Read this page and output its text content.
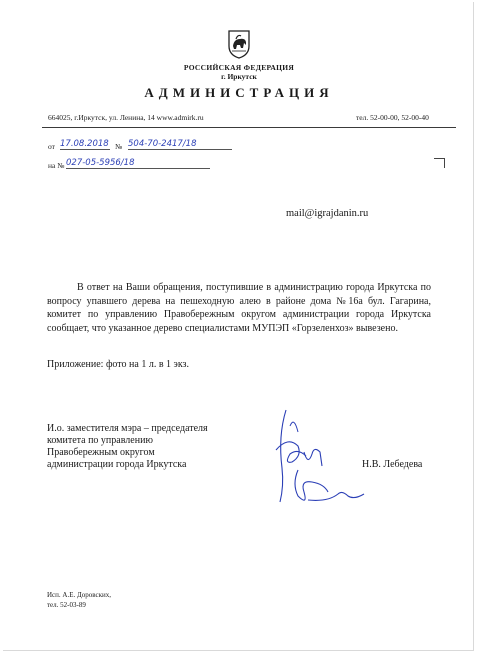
РОССИЙСКАЯ ФЕДЕРАЦИЯ
г. Иркутск
АДМИНИСТРАЦИЯ
664025, г.Иркутск, ул. Ленина, 14 www.admirk.ru	тел. 52-00-00, 52-00-40
от 17.08.2018 № 504-70-2417/18
на № 027-05-5956/18
mail@igrajdanin.ru

В ответ на Ваши обращения, поступившие в администрацию города Иркутска по вопросу упавшего дерева на пешеходную алею в районе дома №16а бул. Гагарина, комитет по управлению Правобережным округом администрации города Иркутска сообщает, что указанное дерево специалистами МУПЭП «Горзеленхоз» вывезено.

Приложение: фото на 1 л. в 1 экз.
И.о. заместителя мэра – председателя
комитета по управлению
Правобережным округом
администрации города Иркутска	Н.В. Лебедева
Исп. А.Е. Доровских,
тел. 52-03-89
